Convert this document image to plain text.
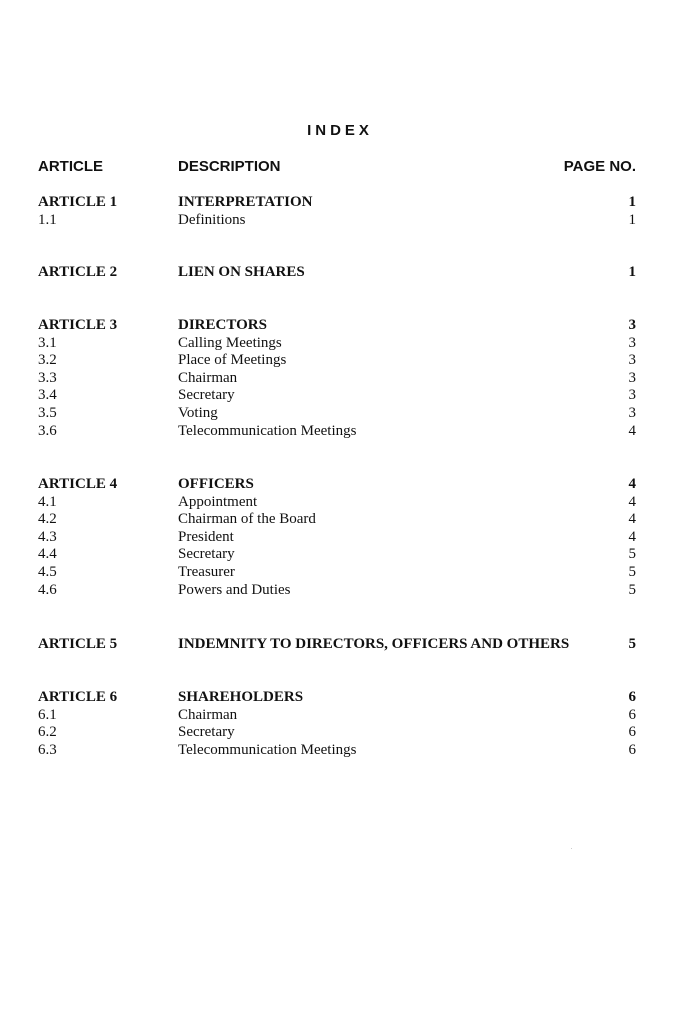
INDEX
ARTICLE	DESCRIPTION	PAGE NO.
ARTICLE 1	INTERPRETATION	1
1.1	Definitions	1
ARTICLE 2	LIEN ON SHARES	1
ARTICLE 3	DIRECTORS	3
3.1	Calling Meetings	3
3.2	Place of Meetings	3
3.3	Chairman	3
3.4	Secretary	3
3.5	Voting	3
3.6	Telecommunication Meetings	4
ARTICLE 4	OFFICERS	4
4.1	Appointment	4
4.2	Chairman of the Board	4
4.3	President	4
4.4	Secretary	5
4.5	Treasurer	5
4.6	Powers and Duties	5
ARTICLE 5	INDEMNITY TO DIRECTORS, OFFICERS AND OTHERS	5
ARTICLE 6	SHAREHOLDERS	6
6.1	Chairman	6
6.2	Secretary	6
6.3	Telecommunication Meetings	6
